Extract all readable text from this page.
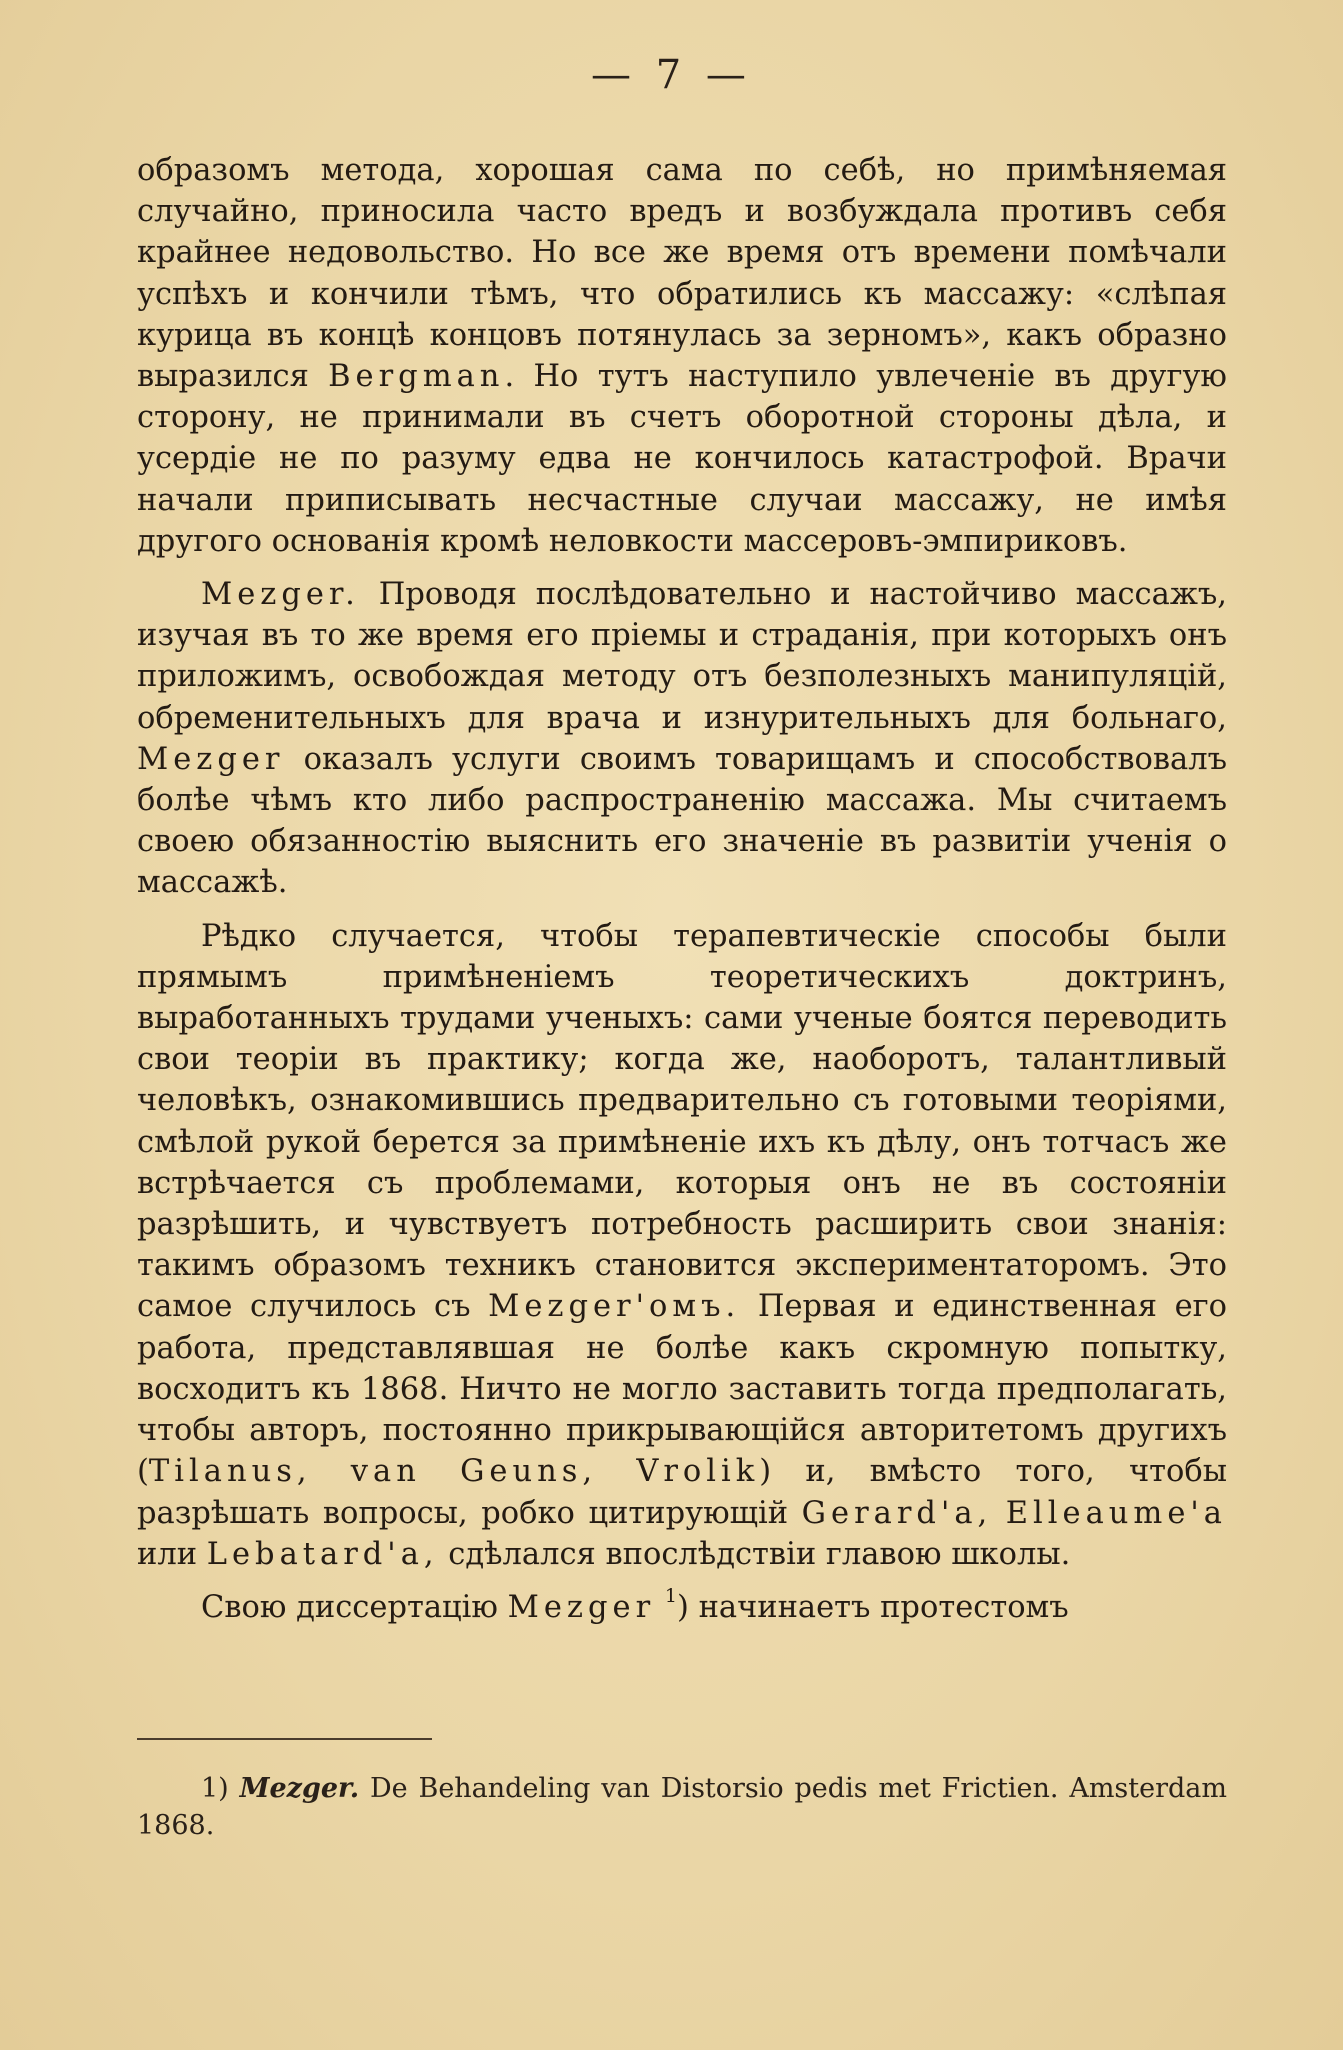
— 7 —

образомъ метода, хорошая сама по себѣ, но примѣняемая случайно, приносила часто вредъ и возбуждала противъ себя крайнее недовольство. Но все же время отъ времени помѣчали успѣхъ и кончили тѣмъ, что обратились къ массажу: «слѣпая курица въ концѣ концовъ потянулась за зерномъ», какъ образно выразился Bergman. Но тутъ наступило увлеченіе въ другую сторону, не принимали въ счетъ оборотной стороны дѣла, и усердіе не по разуму едва не кончилось катастрофой. Врачи начали приписывать несчастные случаи массажу, не имѣя другого основанія кромѣ неловкости массеровъ-эмпириковъ.

Mezger. Проводя послѣдовательно и настойчиво массажъ, изучая въ то же время его пріемы и страданія, при которыхъ онъ приложимъ, освобождая методу отъ безполезныхъ манипуляцій, обременительныхъ для врача и изнурительныхъ для больнаго, Mezger оказалъ услуги своимъ товарищамъ и способствовалъ болѣе чѣмъ кто либо распространенію массажа. Мы считаемъ своею обязанностію выяснить его значеніе въ развитіи ученія о массажѣ.

Рѣдко случается, чтобы терапевтическіе способы были прямымъ примѣненіемъ теоретическихъ доктринъ, выработанныхъ трудами ученыхъ: сами ученые боятся переводить свои теоріи въ практику; когда же, наоборотъ, талантливый человѣкъ, ознакомившись предварительно съ готовыми теоріями, смѣлой рукой берется за примѣненіе ихъ къ дѣлу, онъ тотчасъ же встрѣчается съ проблемами, которыя онъ не въ состояніи разрѣшить, и чувствуетъ потребность расширить свои знанія: такимъ образомъ техникъ становится экспериментаторомъ. Это самое случилось съ Mezger'омъ. Первая и единственная его работа, представлявшая не болѣе какъ скромную попытку, восходитъ къ 1868. Ничто не могло заставить тогда предполагать, чтобы авторъ, постоянно прикрывающійся авторитетомъ другихъ (Tilanus, van Geuns, Vrolik) и, вмѣсто того, чтобы разрѣшать вопросы, робко цитирующій Gerard'а, Elleaume'а или Lebatard'а, сдѣлался впослѣдствіи главою школы.

Свою диссертацію Mezger $^1$) начинаетъ протестомъ

1) Mezger. De Behandeling van Distorsio pedis met Frictien. Amsterdam 1868.
